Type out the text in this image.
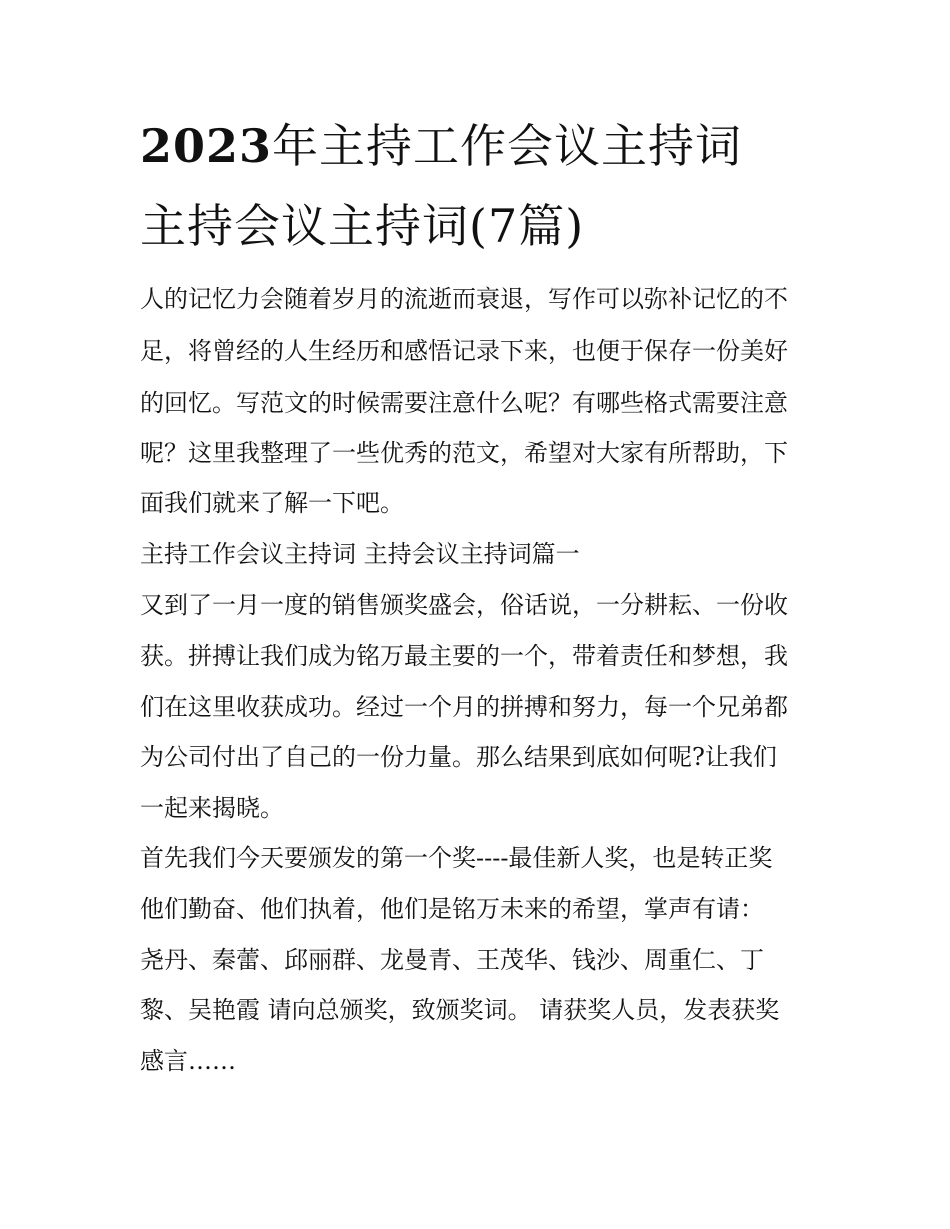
2023年主持工作会议主持词
主持会议主持词(7篇)
人的记忆力会随着岁月的流逝而衰退，写作可以弥补记忆的不
足，将曾经的人生经历和感悟记录下来，也便于保存一份美好
的回忆。写范文的时候需要注意什么呢？有哪些格式需要注意
呢？这里我整理了一些优秀的范文，希望对大家有所帮助，下
面我们就来了解一下吧。
主持工作会议主持词 主持会议主持词篇一
又到了一月一度的销售颁奖盛会，俗话说，一分耕耘、一份收
获。拼搏让我们成为铭万最主要的一个，带着责任和梦想，我
们在这里收获成功。经过一个月的拼搏和努力，每一个兄弟都
为公司付出了自己的一份力量。那么结果到底如何呢?让我们
一起来揭晓。
首先我们今天要颁发的第一个奖----最佳新人奖，也是转正奖
他们勤奋、他们执着，他们是铭万未来的希望，掌声有请：
尧丹、秦蕾、邱丽群、龙曼青、王茂华、钱沙、周重仁、丁
黎、吴艳霞 请向总颁奖，致颁奖词。 请获奖人员，发表获奖
感言……
